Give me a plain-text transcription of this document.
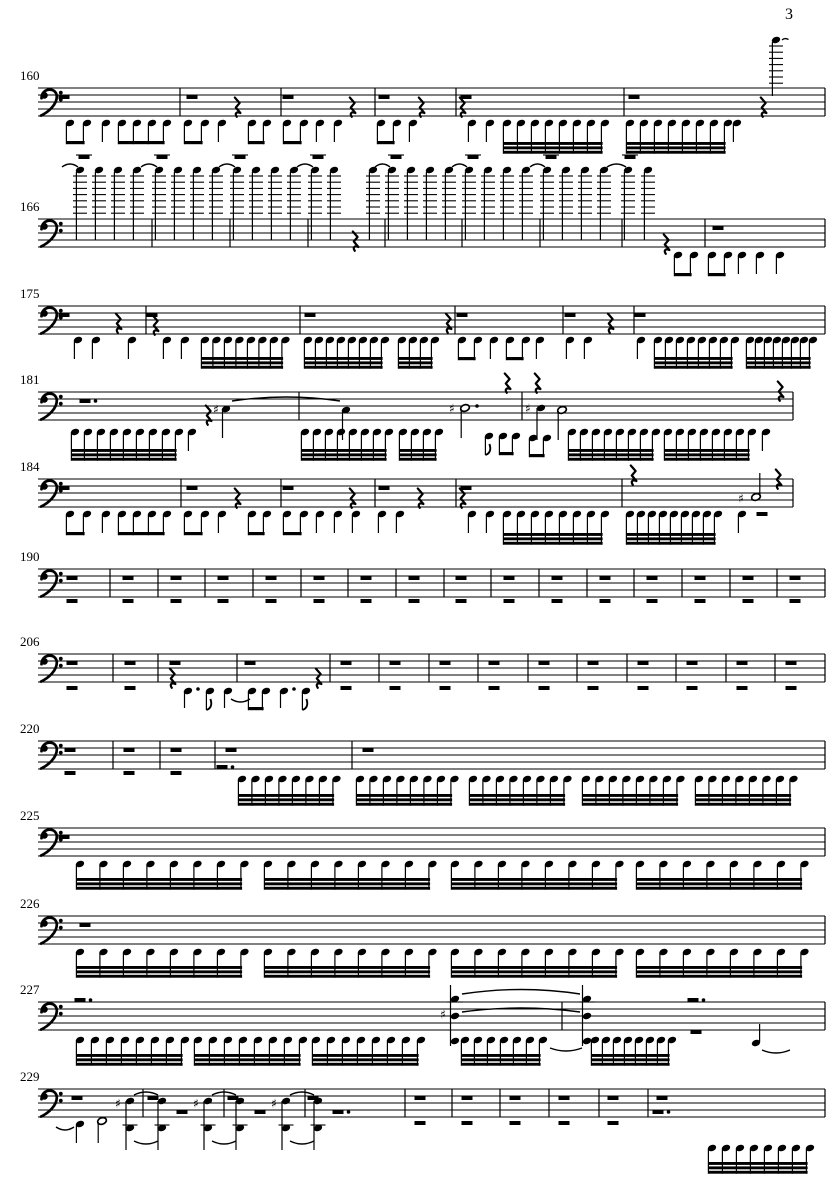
3
160
166
175
181
♯	♯	♯
184
♯
190
206
220
225
226
227
♯
229
♯	♯	♯
